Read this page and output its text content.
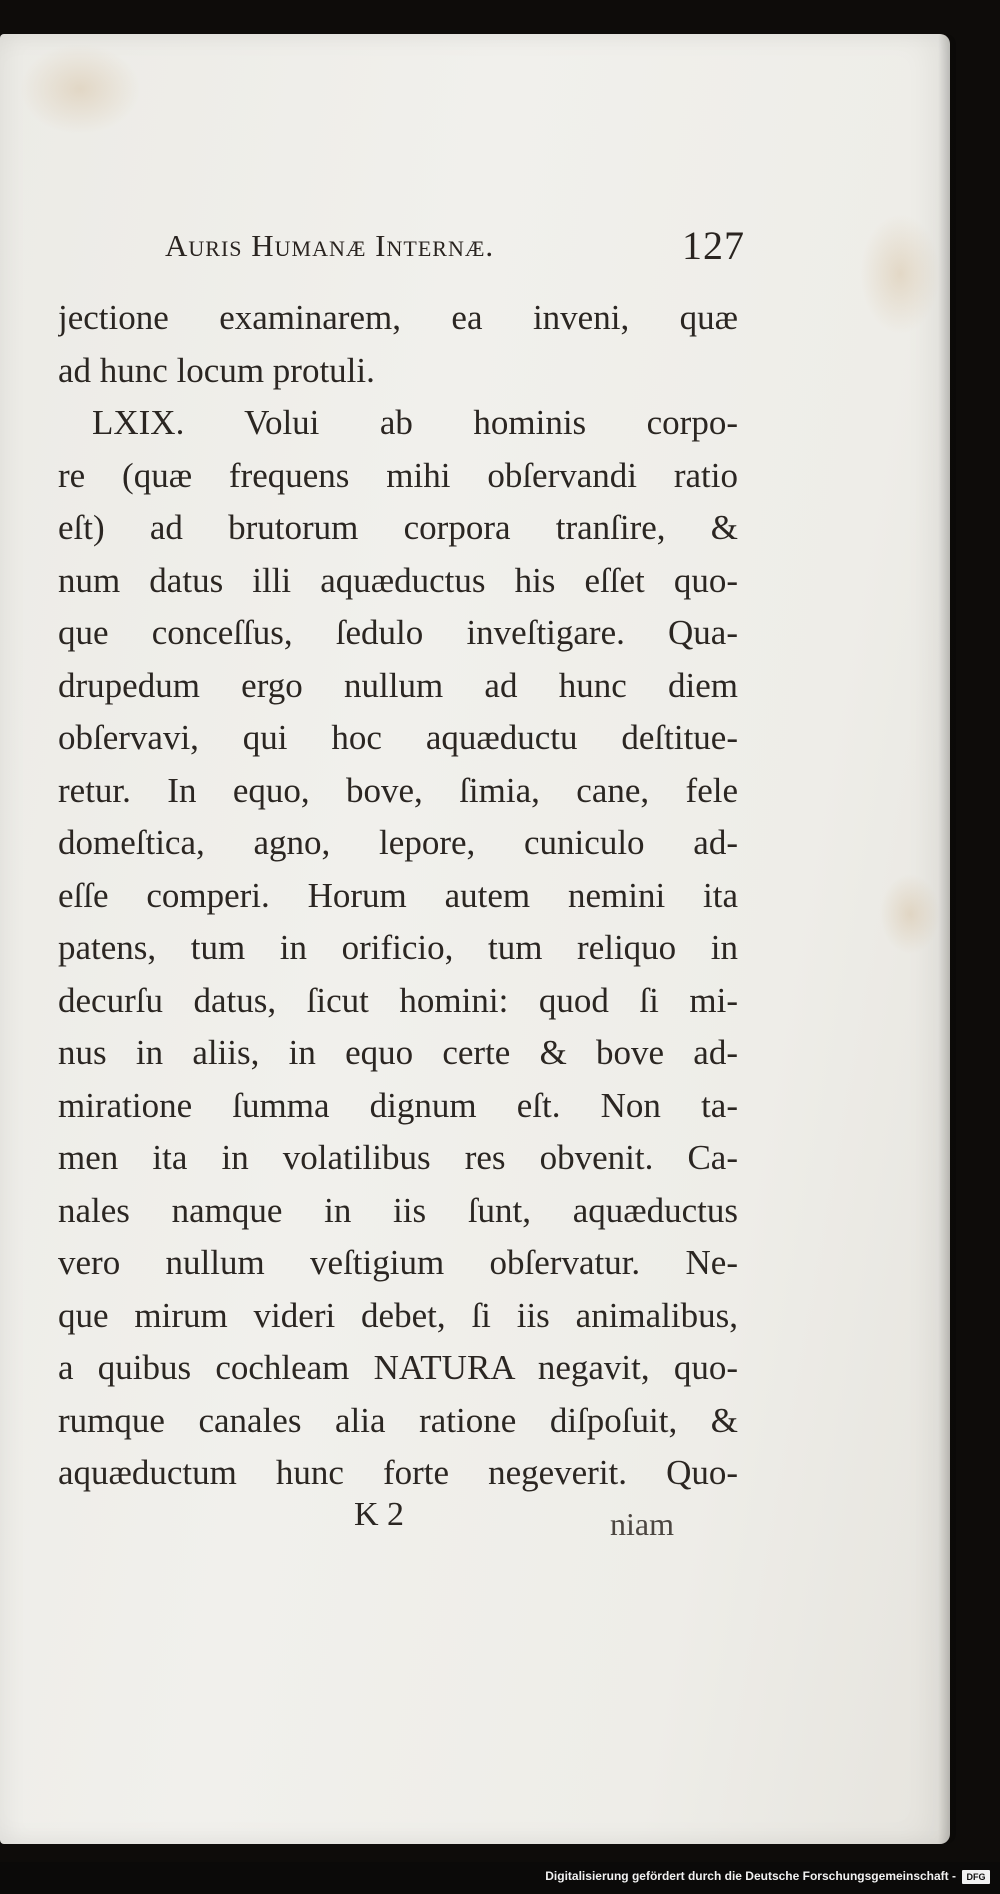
Auris Humanæ Internæ.	127
jectione examinarem, ea inveni, quæ
ad hunc locum protuli.
LXIX. Volui ab hominis corpo-
re (quæ frequens mihi obſervandi ratio
eſt) ad brutorum corpora tranſire, &
num datus illi aquæductus his eſſet quo-
que conceſſus, ſedulo inveſtigare. Qua-
drupedum ergo nullum ad hunc diem
obſervavi, qui hoc aquæductu deſtitue-
retur. In equo, bove, ſimia, cane, fele
domeſtica, agno, lepore, cuniculo ad-
eſſe comperi. Horum autem nemini ita
patens, tum in orificio, tum reliquo in
decurſu datus, ſicut homini: quod ſi mi-
nus in aliis, in equo certe & bove ad-
miratione ſumma dignum eſt. Non ta-
men ita in volatilibus res obvenit. Ca-
nales namque in iis ſunt, aquæductus
vero nullum veſtigium obſervatur. Ne-
que mirum videri debet, ſi iis animalibus,
a quibus cochleam NATURA negavit, quo-
rumque canales alia ratione diſpoſuit, &
aquæductum hunc forte negeverit. Quo-
K 2	niam
Digitalisierung gefördert durch die Deutsche Forschungsgemeinschaft -	DFG
